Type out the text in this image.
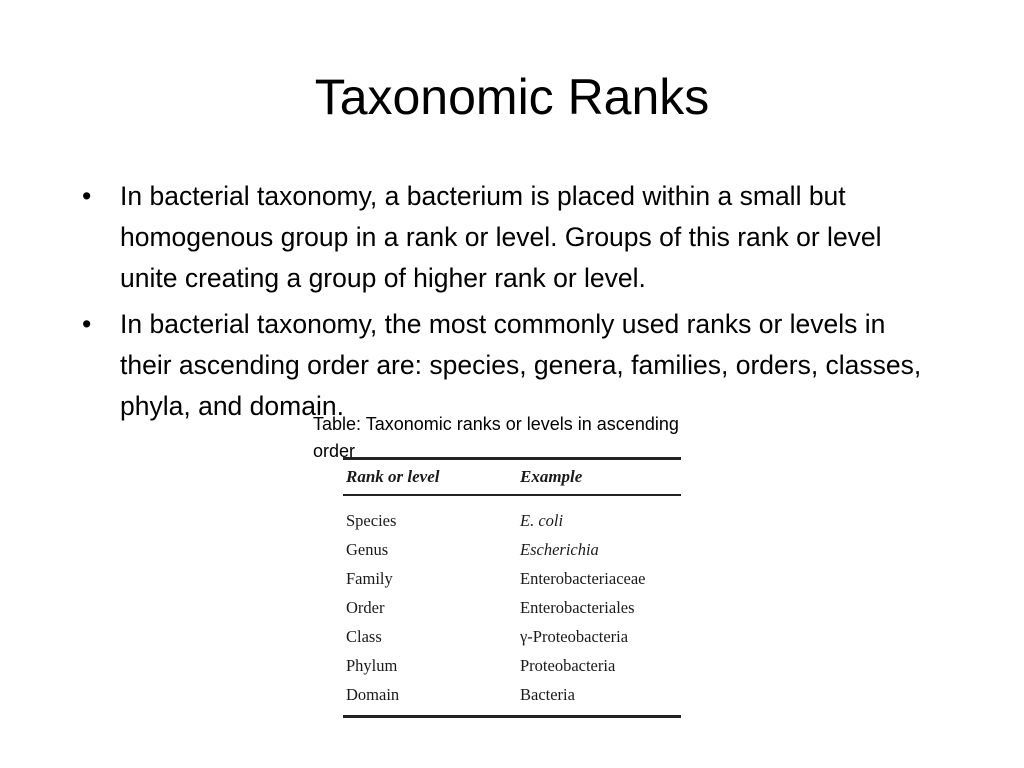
Taxonomic Ranks
•	In bacterial taxonomy, a bacterium is placed within a small but homogenous group in a rank or level. Groups of this rank or level unite creating a group of higher rank or level.
•	In bacterial taxonomy, the most commonly used ranks or levels in their ascending order are: species, genera, families, orders, classes, phyla, and domain.
Table: Taxonomic ranks or levels in ascending order
Rank or level	Example
Species	E. coli
Genus	Escherichia
Family	Enterobacteriaceae
Order	Enterobacteriales
Class	γ-Proteobacteria
Phylum	Proteobacteria
Domain	Bacteria
